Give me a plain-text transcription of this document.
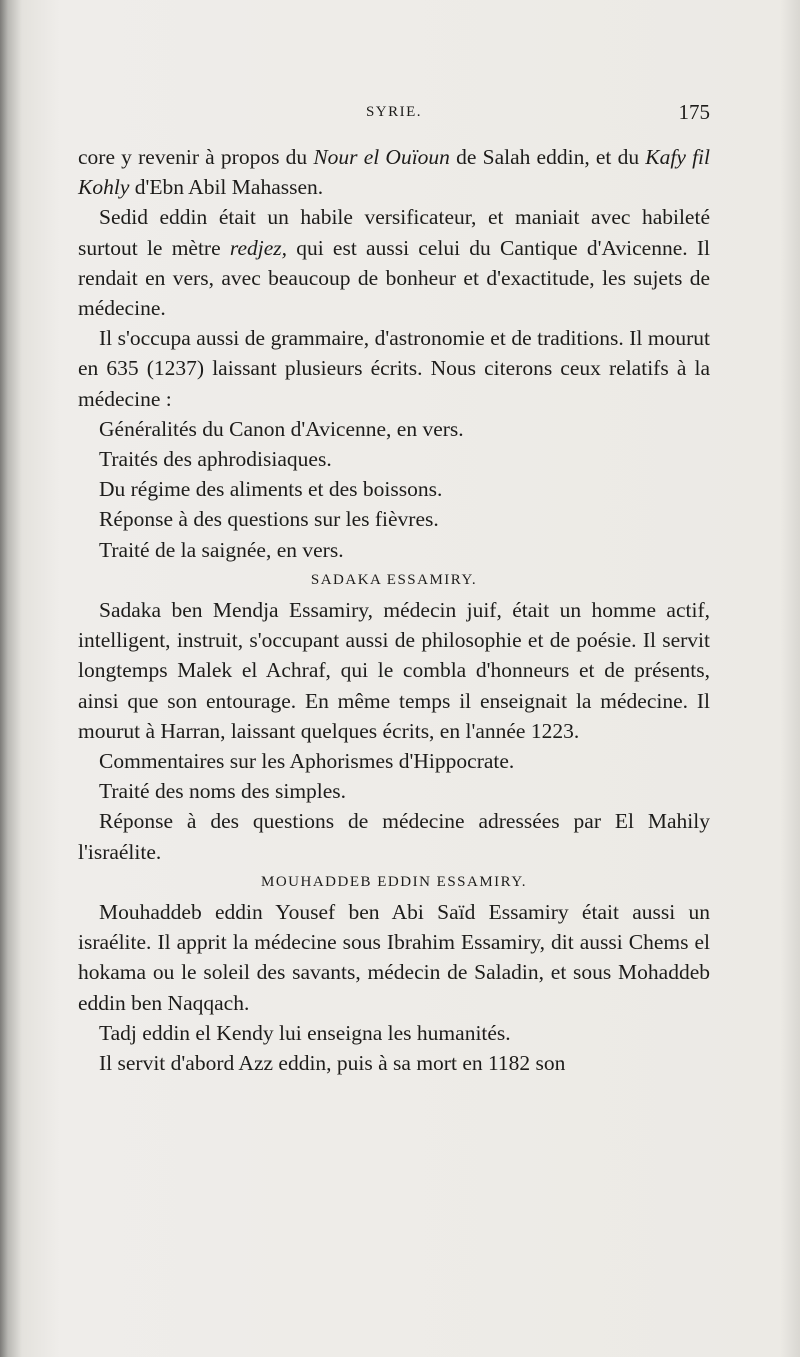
SYRIE.	175

core y revenir à propos du Nour el Ouïoun de Salah eddin, et du Kafy fil Kohly d'Ebn Abil Mahassen.

Sedid eddin était un habile versificateur, et maniait avec habileté surtout le mètre redjez, qui est aussi celui du Cantique d'Avicenne. Il rendait en vers, avec beaucoup de bonheur et d'exactitude, les sujets de médecine.

Il s'occupa aussi de grammaire, d'astronomie et de traditions. Il mourut en 635 (1237) laissant plusieurs écrits. Nous citerons ceux relatifs à la médecine :

Généralités du Canon d'Avicenne, en vers.

Traités des aphrodisiaques.

Du régime des aliments et des boissons.

Réponse à des questions sur les fièvres.

Traité de la saignée, en vers.

SADAKA ESSAMIRY.

Sadaka ben Mendja Essamiry, médecin juif, était un homme actif, intelligent, instruit, s'occupant aussi de philosophie et de poésie. Il servit longtemps Malek el Achraf, qui le combla d'honneurs et de présents, ainsi que son entourage. En même temps il enseignait la médecine. Il mourut à Harran, laissant quelques écrits, en l'année 1223.

Commentaires sur les Aphorismes d'Hippocrate.

Traité des noms des simples.

Réponse à des questions de médecine adressées par El Mahily l'israélite.

MOUHADDEB EDDIN ESSAMIRY.

Mouhaddeb eddin Yousef ben Abi Saïd Essamiry était aussi un israélite. Il apprit la médecine sous Ibrahim Essamiry, dit aussi Chems el hokama ou le soleil des savants, médecin de Saladin, et sous Mohaddeb eddin ben Naqqach.

Tadj eddin el Kendy lui enseigna les humanités.

Il servit d'abord Azz eddin, puis à sa mort en 1182 son
